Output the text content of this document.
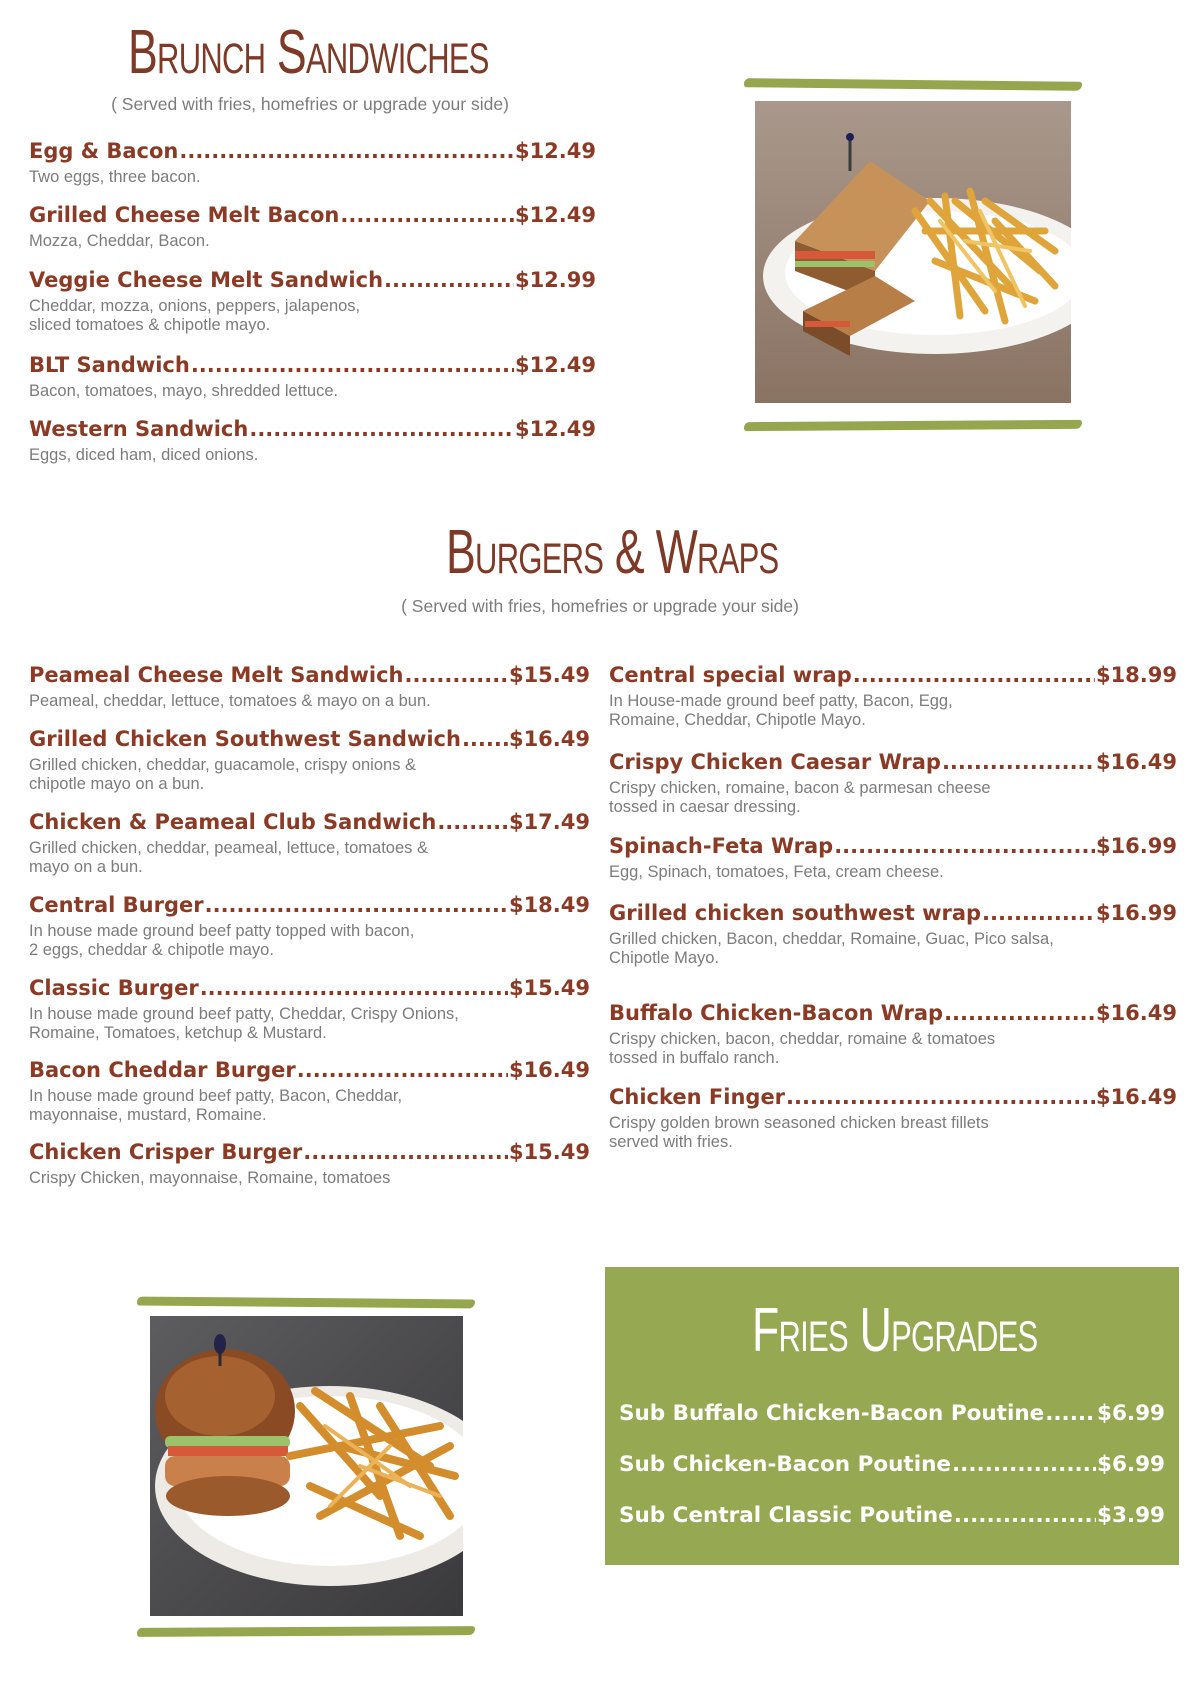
Brunch Sandwiches
( Served with fries, homefries or upgrade your side)
Egg & Bacon .....	$12.49
Two eggs, three bacon.
Grilled Cheese Melt Bacon .....	$12.49
Mozza, Cheddar, Bacon.
Veggie Cheese Melt Sandwich .....	$12.99
Cheddar, mozza, onions, peppers, jalapenos,
sliced tomatoes & chipotle mayo.
BLT Sandwich .....	$12.49
Bacon, tomatoes, mayo, shredded lettuce.
Western Sandwich .....	$12.49
Eggs, diced ham, diced onions.
Burgers & Wraps
( Served with fries, homefries or upgrade your side)
Peameal Cheese Melt Sandwich .....	$15.49
Peameal, cheddar, lettuce, tomatoes & mayo on a bun.
Grilled Chicken Southwest Sandwich ..... $16.49
Grilled chicken, cheddar, guacamole, crispy onions &
chipotle mayo on a bun.
Chicken & Peameal Club Sandwich .....	$17.49
Grilled chicken, cheddar, peameal, lettuce, tomatoes &
mayo on a bun.
Central Burger .....	$18.49
In house made ground beef patty topped with bacon,
2 eggs, cheddar & chipotle mayo.
Classic Burger .....	$15.49
In house made ground beef patty, Cheddar, Crispy Onions,
Romaine, Tomatoes, ketchup & Mustard.
Bacon Cheddar Burger .....	$16.49
In house made ground beef patty, Bacon, Cheddar,
mayonnaise, mustard, Romaine.
Chicken Crisper Burger .....	$15.49
Crispy Chicken, mayonnaise, Romaine, tomatoes
Central special wrap .....	$18.99
In House-made ground beef patty, Bacon, Egg,
Romaine, Cheddar, Chipotle Mayo.
Crispy Chicken Caesar Wrap .....	$16.49
Crispy chicken, romaine, bacon & parmesan cheese
tossed in caesar dressing.
Spinach-Feta Wrap .....	$16.99
Egg, Spinach, tomatoes, Feta, cream cheese.
Grilled chicken southwest wrap .....	$16.99
Grilled chicken, Bacon, cheddar, Romaine, Guac, Pico salsa,
Chipotle Mayo.
Buffalo Chicken-Bacon Wrap .....	$16.49
Crispy chicken, bacon, cheddar, romaine & tomatoes
tossed in buffalo ranch.
Chicken Finger .....	$16.49
Crispy golden brown seasoned chicken breast fillets
served with fries.
Fries Upgrades
Sub Buffalo Chicken-Bacon Poutine ..... $6.99
Sub Chicken-Bacon Poutine .....	$6.99
Sub Central Classic Poutine .....	$3.99
